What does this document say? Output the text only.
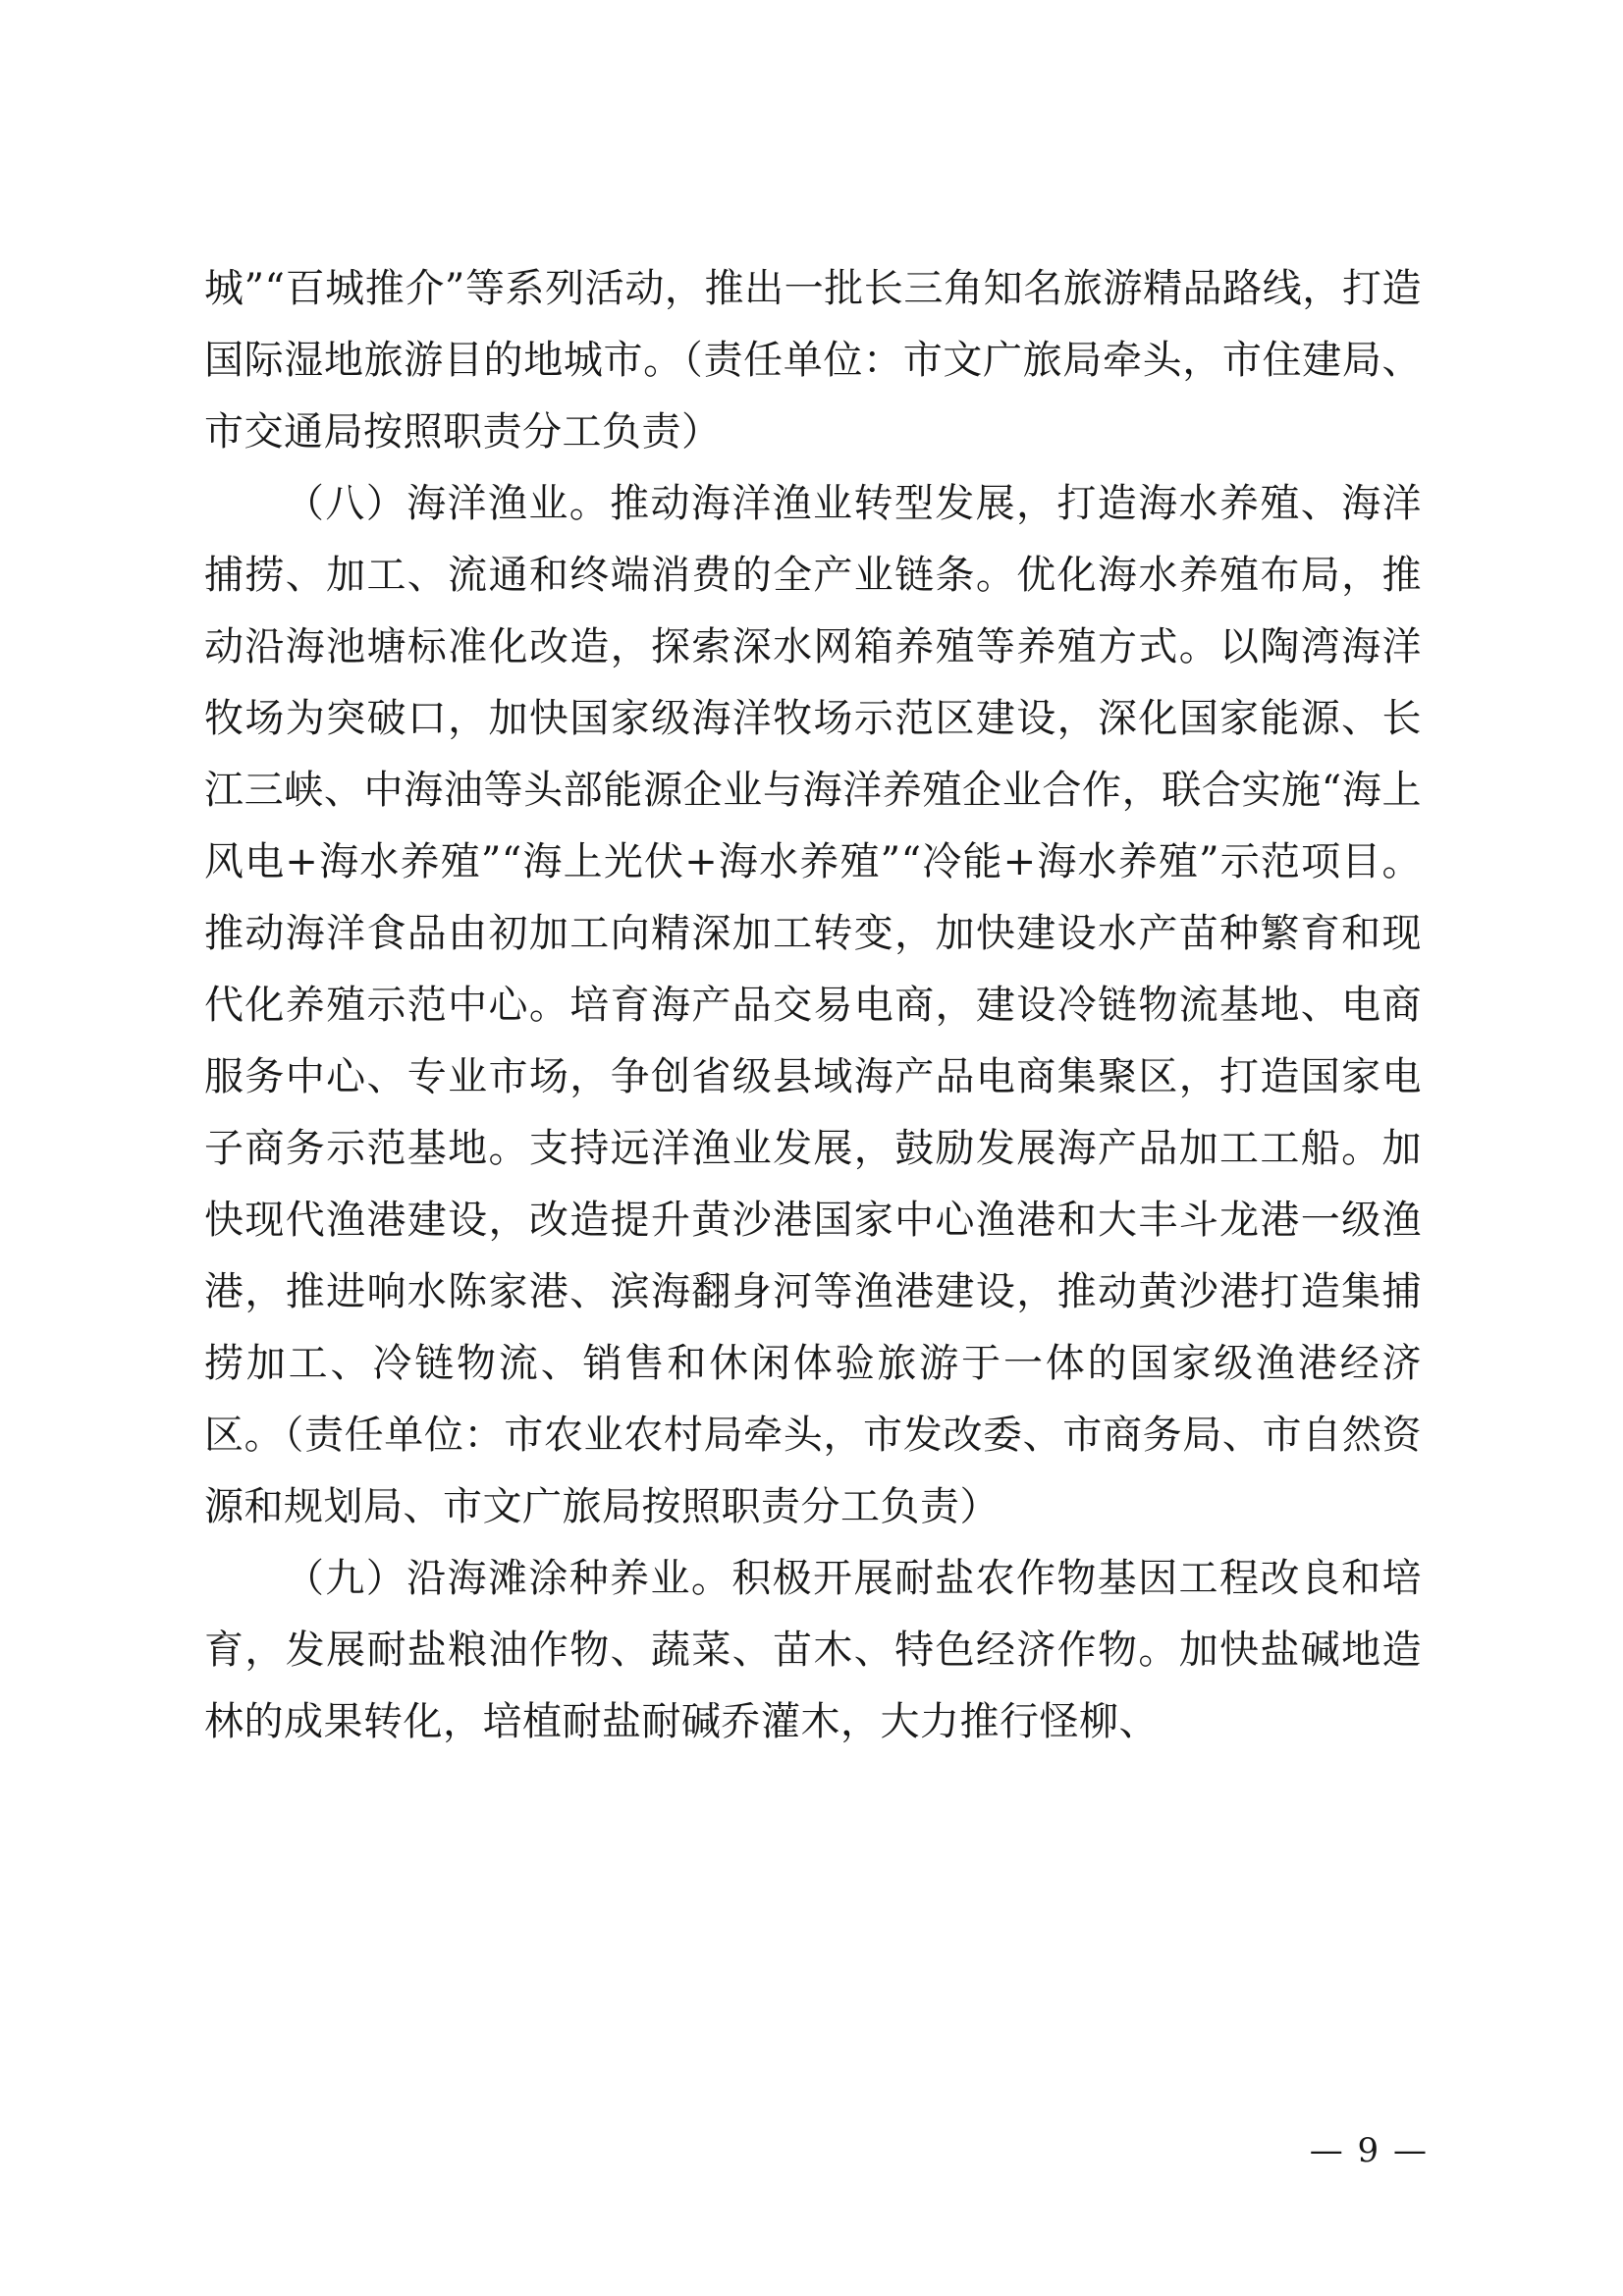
城”“百城推介”等系列活动，推出一批长三角知名旅游精品路线，打造国际湿地旅游目的地城市。（责任单位：市文广旅局牵头，市住建局、市交通局按照职责分工负责）

（八）海洋渔业。推动海洋渔业转型发展，打造海水养殖、海洋捕捞、加工、流通和终端消费的全产业链条。优化海水养殖布局，推动沿海池塘标准化改造，探索深水网箱养殖等养殖方式。以陶湾海洋牧场为突破口，加快国家级海洋牧场示范区建设，深化国家能源、长江三峡、中海油等头部能源企业与海洋养殖企业合作，联合实施“海上风电+海水养殖”“海上光伏+海水养殖”“冷能+海水养殖”示范项目。推动海洋食品由初加工向精深加工转变，加快建设水产苗种繁育和现代化养殖示范中心。培育海产品交易电商，建设冷链物流基地、电商服务中心、专业市场，争创省级县域海产品电商集聚区，打造国家电子商务示范基地。支持远洋渔业发展，鼓励发展海产品加工工船。加快现代渔港建设，改造提升黄沙港国家中心渔港和大丰斗龙港一级渔港，推进响水陈家港、滨海翻身河等渔港建设，推动黄沙港打造集捕捞加工、冷链物流、销售和休闲体验旅游于一体的国家级渔港经济区。（责任单位：市农业农村局牵头，市发改委、市商务局、市自然资源和规划局、市文广旅局按照职责分工负责）

（九）沿海滩涂种养业。积极开展耐盐农作物基因工程改良和培育，发展耐盐粮油作物、蔬菜、苗木、特色经济作物。加快盐碱地造林的成果转化，培植耐盐耐碱乔灌木，大力推行怪柳、

— 9 —
